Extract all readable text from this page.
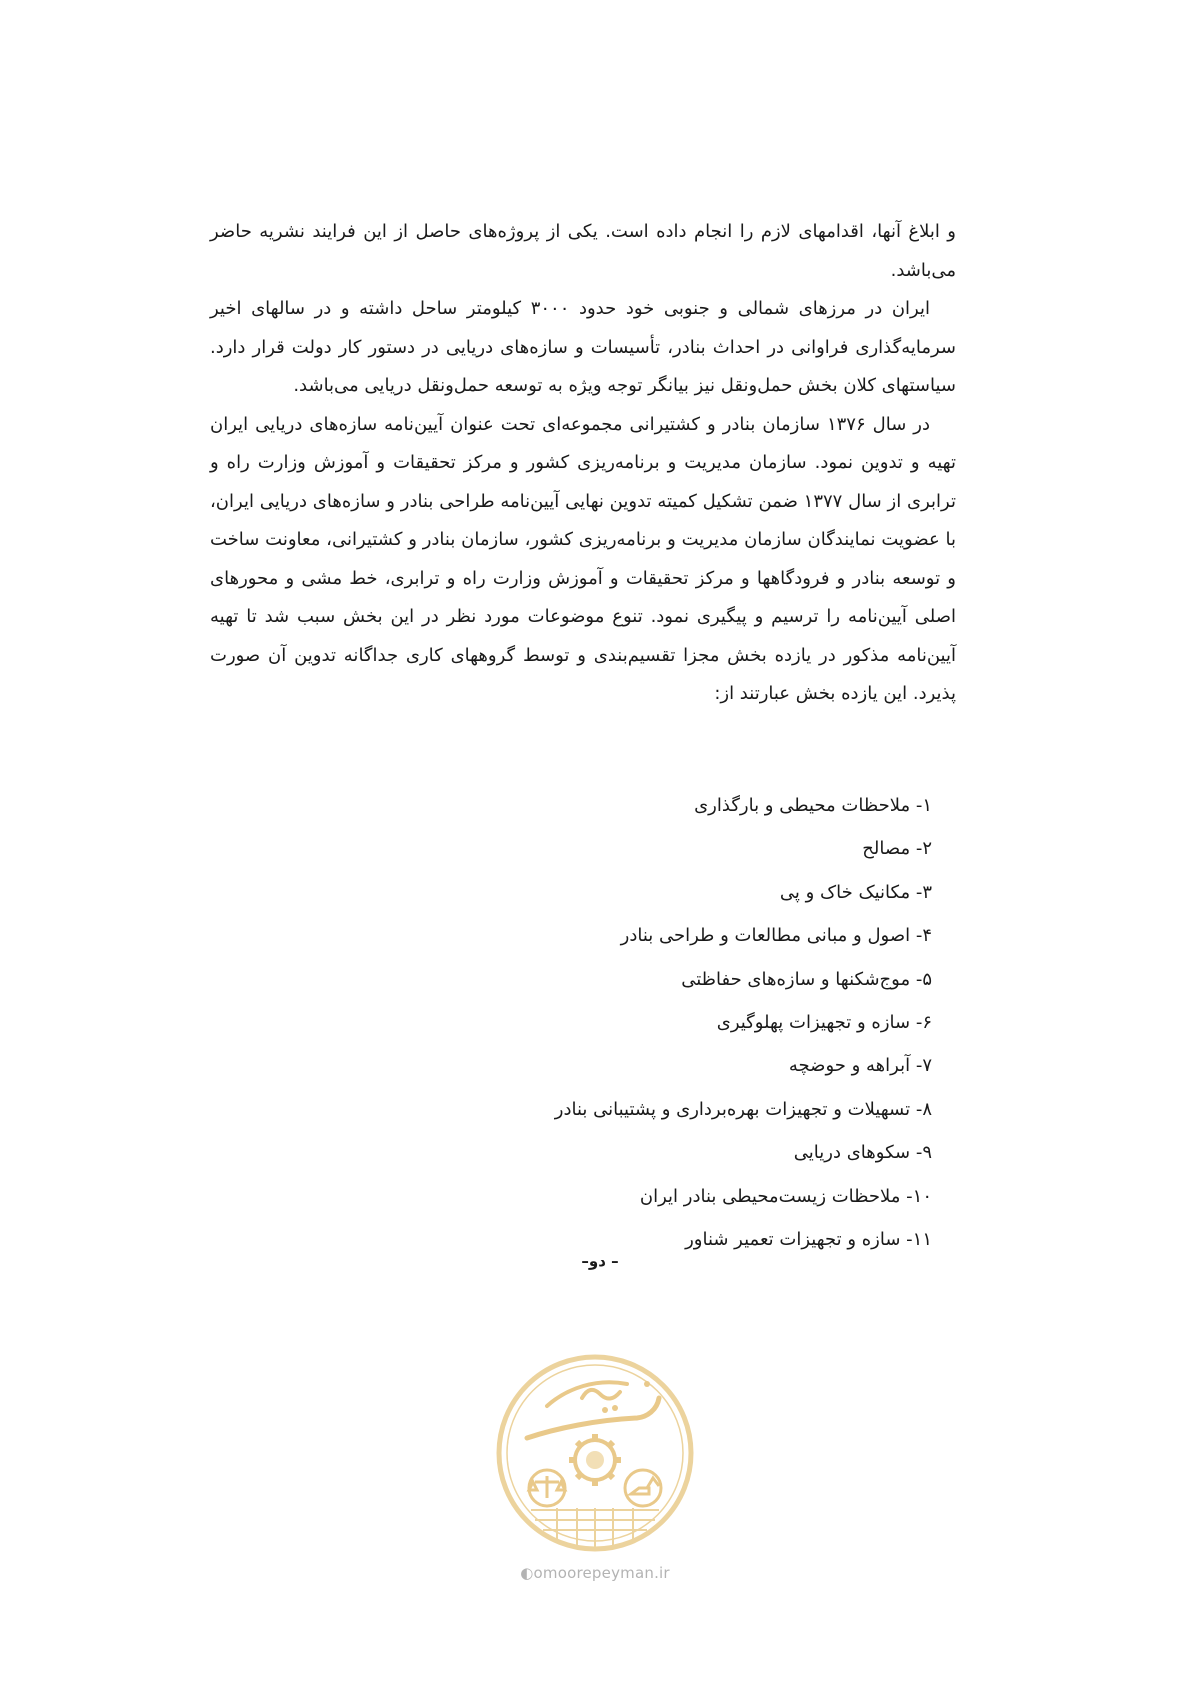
و ابلاغ آنها، اقدامهای لازم را انجام داده است. یکی از پروژه‌های حاصل از این فرایند نشریه حاضر می‌باشد.

ایران در مرزهای شمالی و جنوبی خود حدود ۳۰۰۰ کیلومتر ساحل داشته و در سالهای اخیر سرمایه‌گذاری فراوانی در احداث بنادر، تأسیسات و سازه‌های دریایی در دستور کار دولت قرار دارد. سیاستهای کلان بخش حمل‌ونقل نیز بیانگر توجه ویژه به توسعه حمل‌ونقل دریایی می‌باشد.

در سال ۱۳۷۶ سازمان بنادر و کشتیرانی مجموعه‌ای تحت عنوان آیین‌نامه سازه‌های دریایی ایران تهیه و تدوین نمود. سازمان مدیریت و برنامه‌ریزی کشور و مرکز تحقیقات و آموزش وزارت راه و ترابری از سال ۱۳۷۷ ضمن تشکیل کمیته تدوین نهایی آیین‌نامه طراحی بنادر و سازه‌های دریایی ایران، با عضویت نمایندگان سازمان مدیریت و برنامه‌ریزی کشور، سازمان بنادر و کشتیرانی، معاونت ساخت و توسعه بنادر و فرودگاهها و مرکز تحقیقات و آموزش وزارت راه و ترابری، خط مشی و محورهای اصلی آیین‌نامه را ترسیم و پیگیری نمود. تنوع موضوعات مورد نظر در این بخش سبب شد تا تهیه آیین‌نامه مذکور در یازده بخش مجزا تقسیم‌بندی و توسط گروههای کاری جداگانه تدوین آن صورت پذیرد. این یازده بخش عبارتند از:

۱- ملاحظات محیطی و بارگذاری
۲- مصالح
۳- مکانیک خاک و پی
۴- اصول و مبانی مطالعات و طراحی بنادر
۵- موج‌شکنها و سازه‌های حفاظتی
۶- سازه و تجهیزات پهلوگیری
۷- آبراهه و حوضچه
۸- تسهیلات و تجهیزات بهره‌برداری و پشتیبانی بنادر
۹- سکوهای دریایی
۱۰- ملاحظات زیست‌محیطی بنادر ایران
۱۱- سازه و تجهیزات تعمیر شناور
– دو–
◐omoorepeyman.ir
